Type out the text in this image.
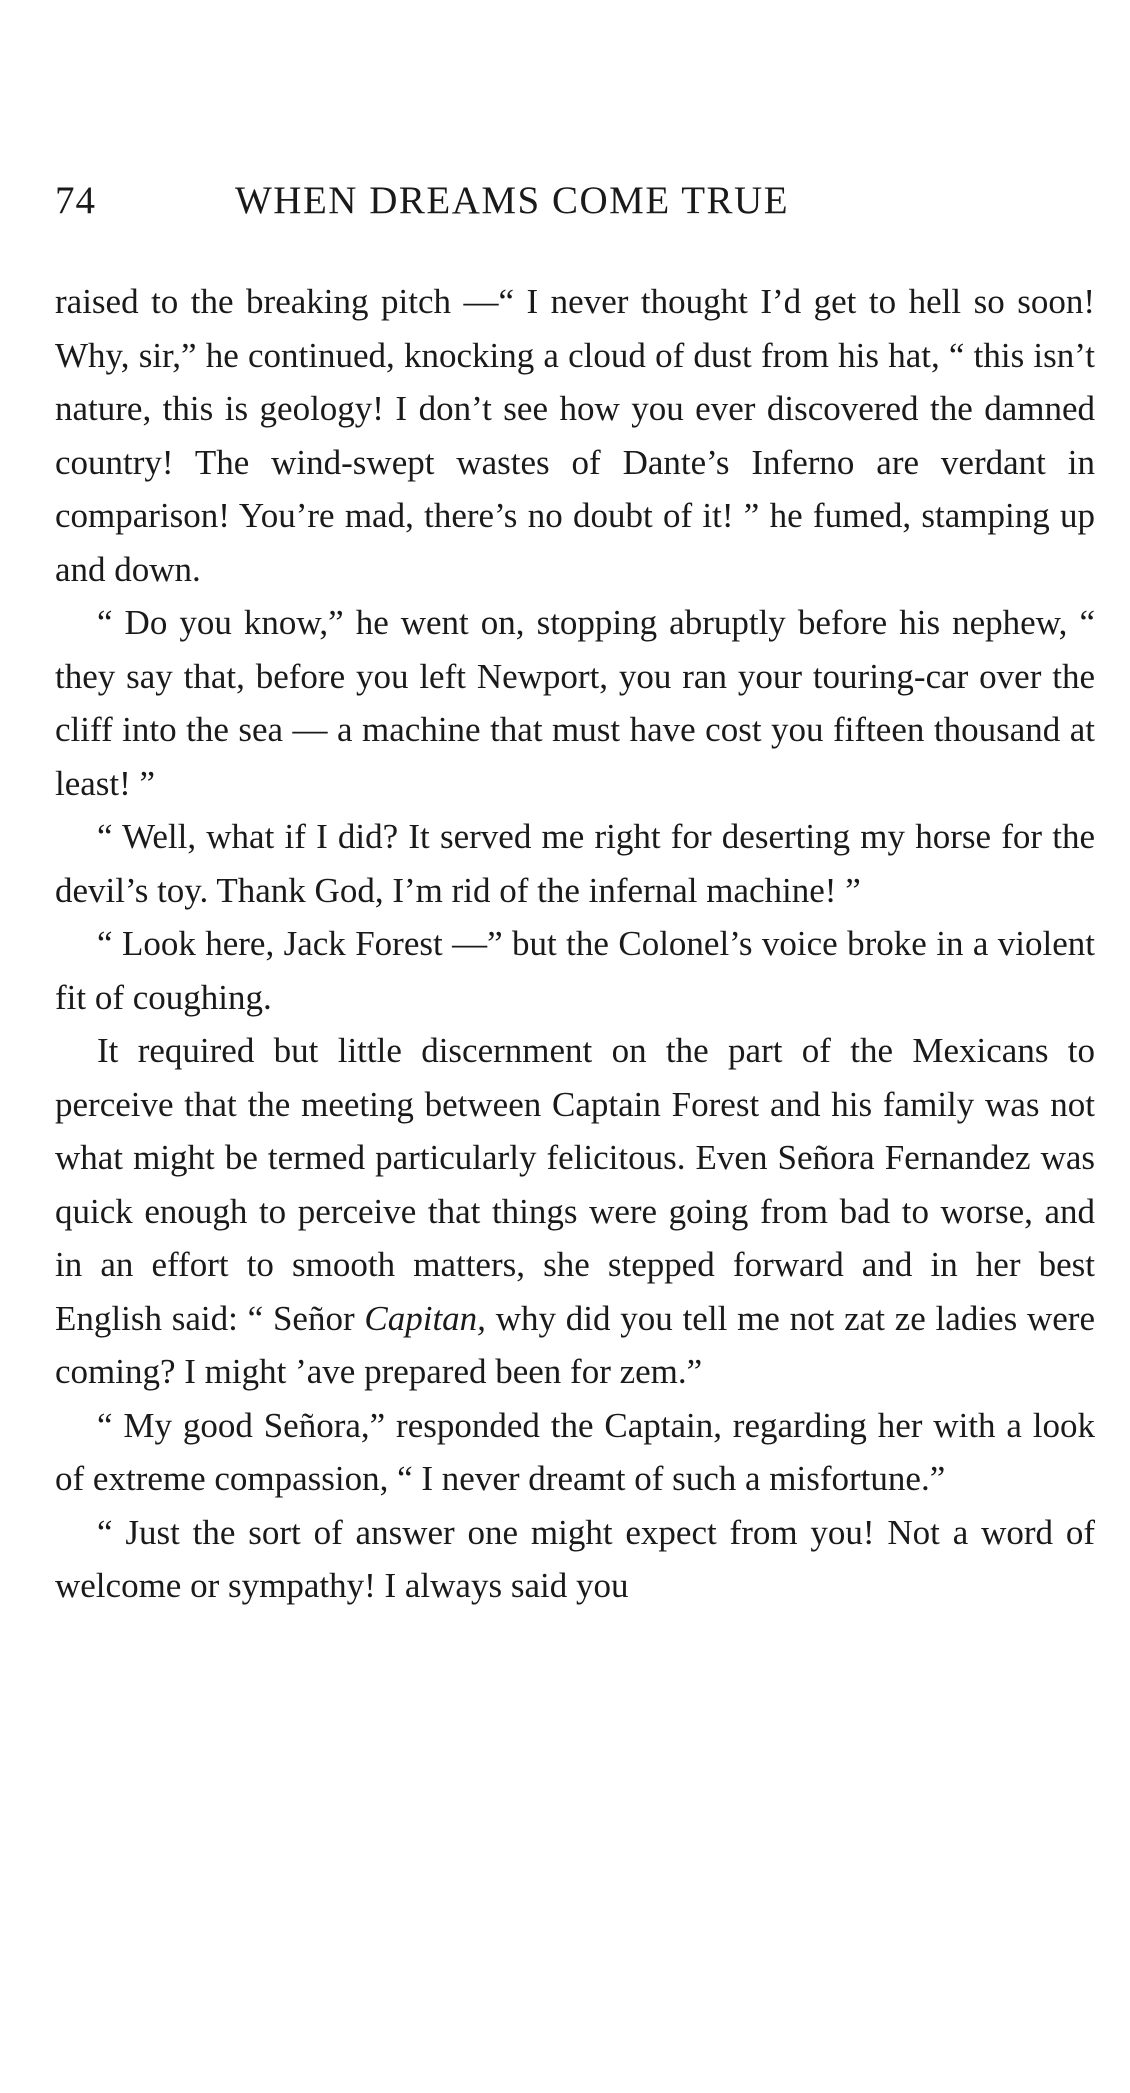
74	WHEN DREAMS COME TRUE

raised to the breaking pitch —“ I never thought I’d get to hell so soon! Why, sir,” he continued, knocking a cloud of dust from his hat, “ this isn’t nature, this is geology! I don’t see how you ever discovered the damned country! The wind-swept wastes of Dante’s Inferno are verdant in comparison! You’re mad, there’s no doubt of it! ” he fumed, stamping up and down.

“ Do you know,” he went on, stopping abruptly before his nephew, “ they say that, before you left Newport, you ran your touring-car over the cliff into the sea — a machine that must have cost you fifteen thousand at least! ”

“ Well, what if I did? It served me right for deserting my horse for the devil’s toy. Thank God, I’m rid of the infernal machine! ”

“ Look here, Jack Forest —” but the Colonel’s voice broke in a violent fit of coughing.

It required but little discernment on the part of the Mexicans to perceive that the meeting between Captain Forest and his family was not what might be termed particularly felicitous. Even Señora Fernandez was quick enough to perceive that things were going from bad to worse, and in an effort to smooth matters, she stepped forward and in her best English said: “ Señor Capitan, why did you tell me not zat ze ladies were coming? I might ’ave prepared been for zem.”

“ My good Señora,” responded the Captain, regarding her with a look of extreme compassion, “ I never dreamt of such a misfortune.”

“ Just the sort of answer one might expect from you! Not a word of welcome or sympathy! I always said you
